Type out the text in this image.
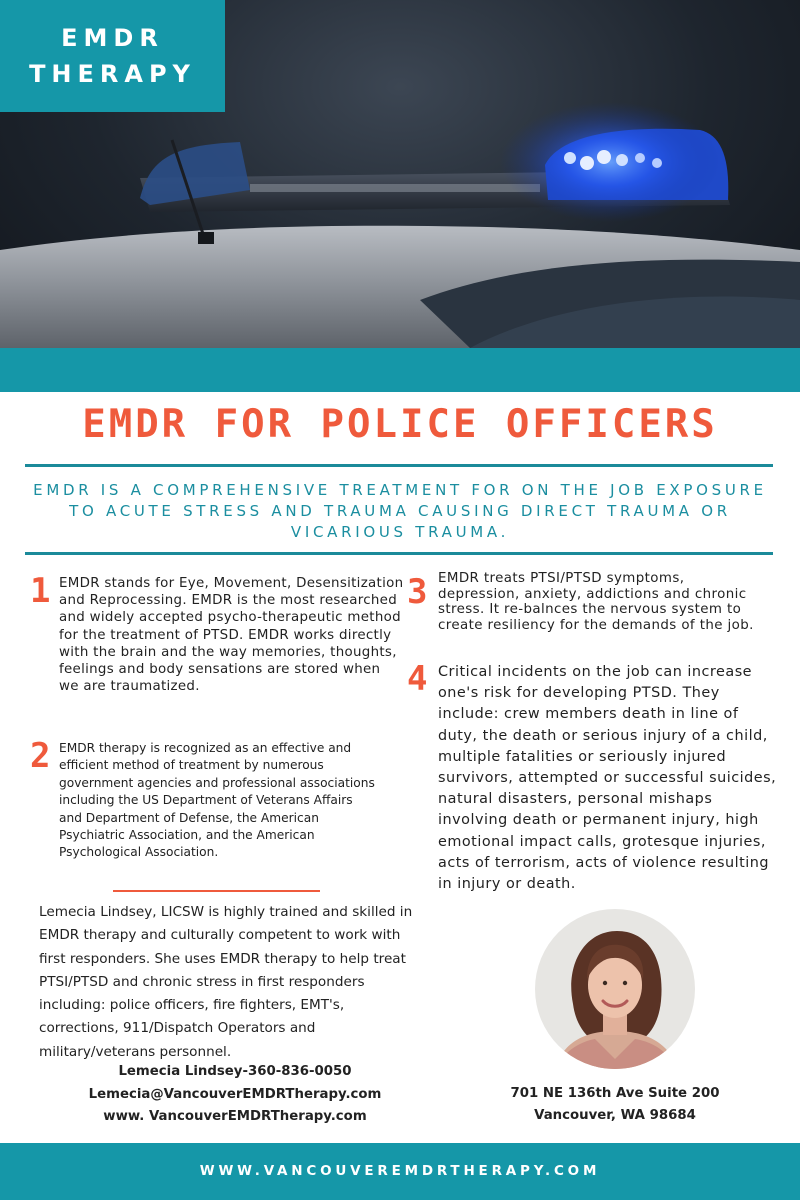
EMDR
THERAPY
EMDR FOR POLICE OFFICERS
EMDR IS A COMPREHENSIVE TREATMENT FOR ON THE JOB EXPOSURE TO ACUTE STRESS AND TRAUMA CAUSING DIRECT TRAUMA OR VICARIOUS TRAUMA.
1 EMDR stands for Eye, Movement, Desensitization and Reprocessing. EMDR is the most researched and widely accepted psycho-therapeutic method for the treatment of PTSD. EMDR works directly with the brain and the way memories, thoughts, feelings and body sensations are stored when we are traumatized.
2 EMDR therapy is recognized as an effective and efficient method of treatment by numerous government agencies and professional associations including the US Department of Veterans Affairs and Department of Defense, the American Psychiatric Association, and the American Psychological Association.
3 EMDR treats PTSI/PTSD symptoms, depression, anxiety, addictions and chronic stress. It re-balnces the nervous system to create resiliency for the demands of the job.
4 Critical incidents on the job can increase one's risk for developing PTSD. They include: crew members death in line of duty, the death or serious injury of a child, multiple fatalities or seriously injured survivors, attempted or successful suicides, natural disasters, personal mishaps involving death or permanent injury, high emotional impact calls, grotesque injuries, acts of terrorism, acts of violence resulting in injury or death.
Lemecia Lindsey, LICSW is highly trained and skilled in EMDR therapy and culturally competent to work with first responders. She uses EMDR therapy to help treat PTSI/PTSD and chronic stress in first responders including: police officers, fire fighters, EMT's, corrections, 911/Dispatch Operators and military/veterans personnel.
Lemecia Lindsey-360-836-0050
Lemecia@VancouverEMDRTherapy.com
www. VancouverEMDRTherapy.com
701 NE 136th Ave Suite 200
Vancouver, WA 98684
WWW.VANCOUVEREMDRTHERAPY.COM
